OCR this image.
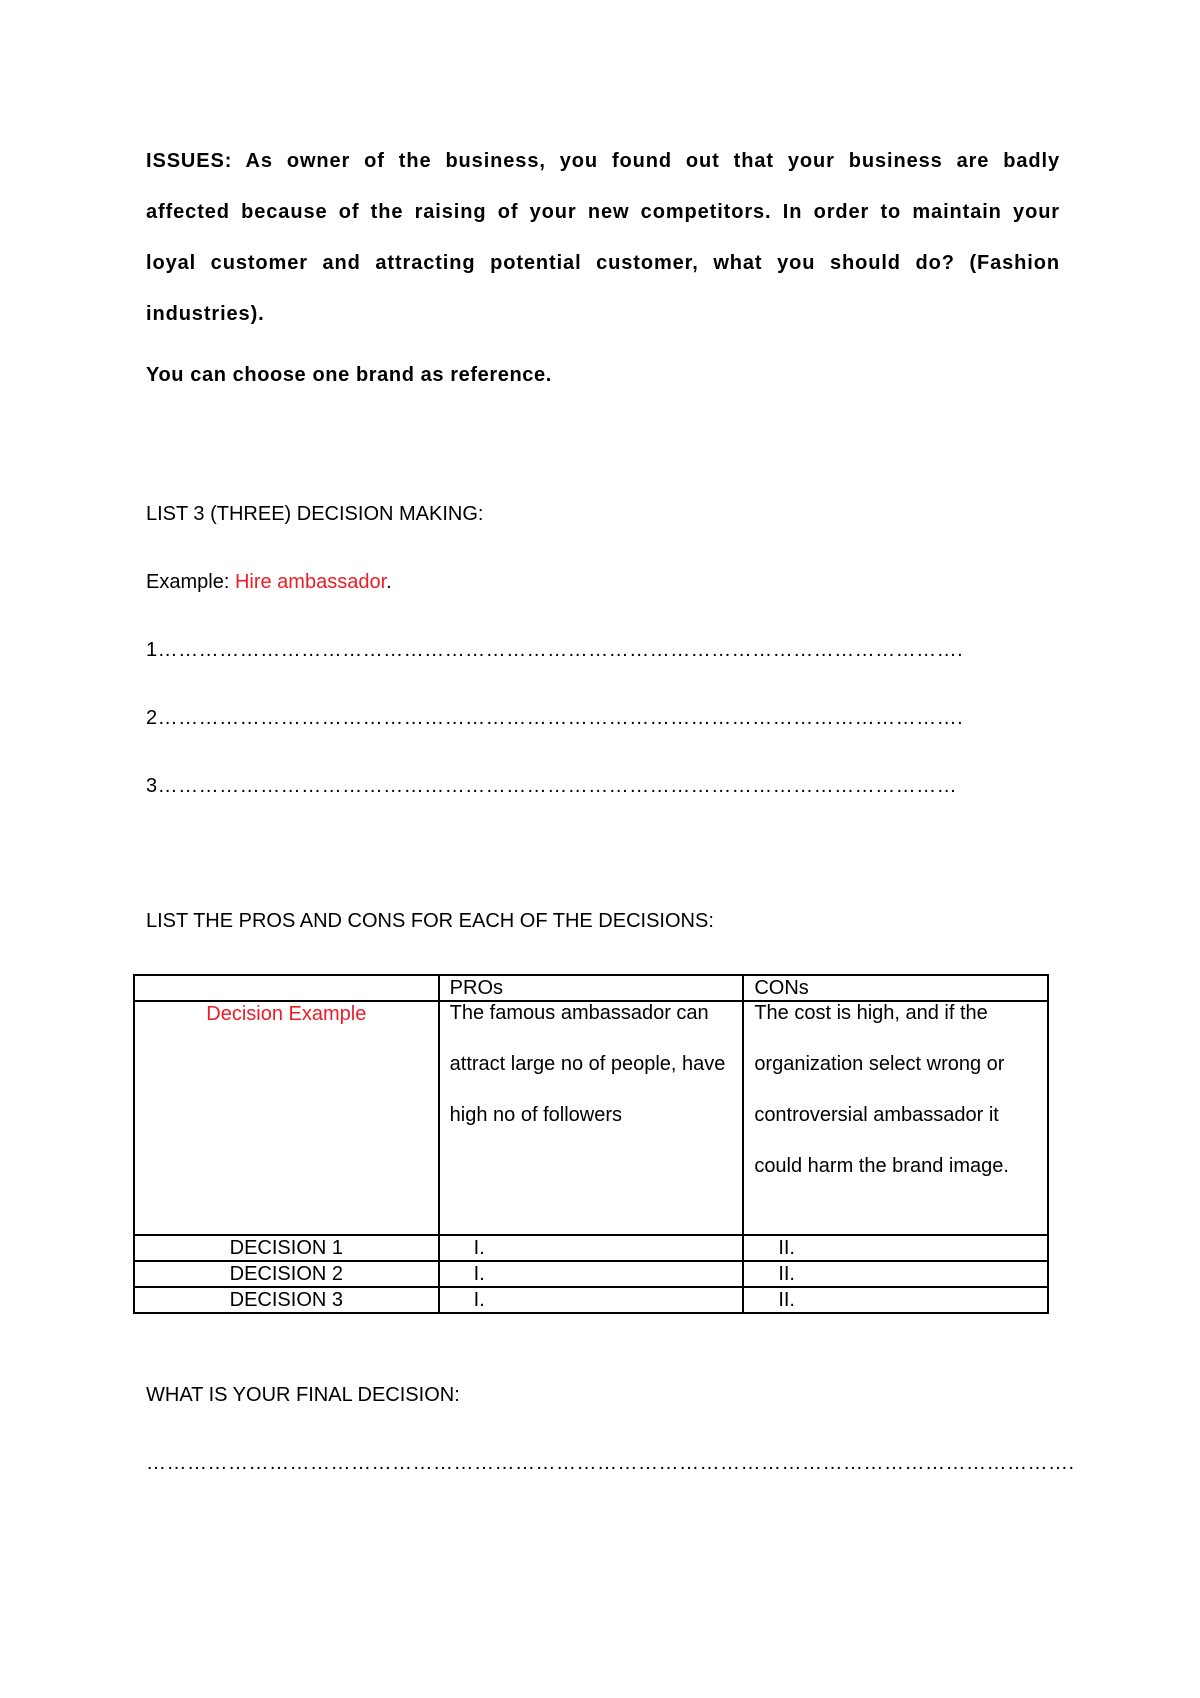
ISSUES: As owner of the business, you found out that your business are badly affected because of the raising of your new competitors. In order to maintain your loyal customer and attracting potential customer, what you should do? (Fashion industries).
You can choose one brand as reference.
LIST 3 (THREE) DECISION MAKING:
Example: Hire ambassador.
1……………………………………………………………………………………………………….
2……………………………………………………………………………………………………….
3………………………………………………………………………………………………………
LIST THE PROS AND CONS FOR EACH OF THE DECISIONS:
	PROs	CONs
Decision Example	The famous ambassador can attract large no of people, have high no of followers	The cost is high, and if the organization select wrong or controversial ambassador it could harm the brand image.

DECISION 1	I.	II.
DECISION 2	I.	II.
DECISION 3	I.	II.
WHAT IS YOUR FINAL DECISION:
……………………………………………………………………………………………………………………….
